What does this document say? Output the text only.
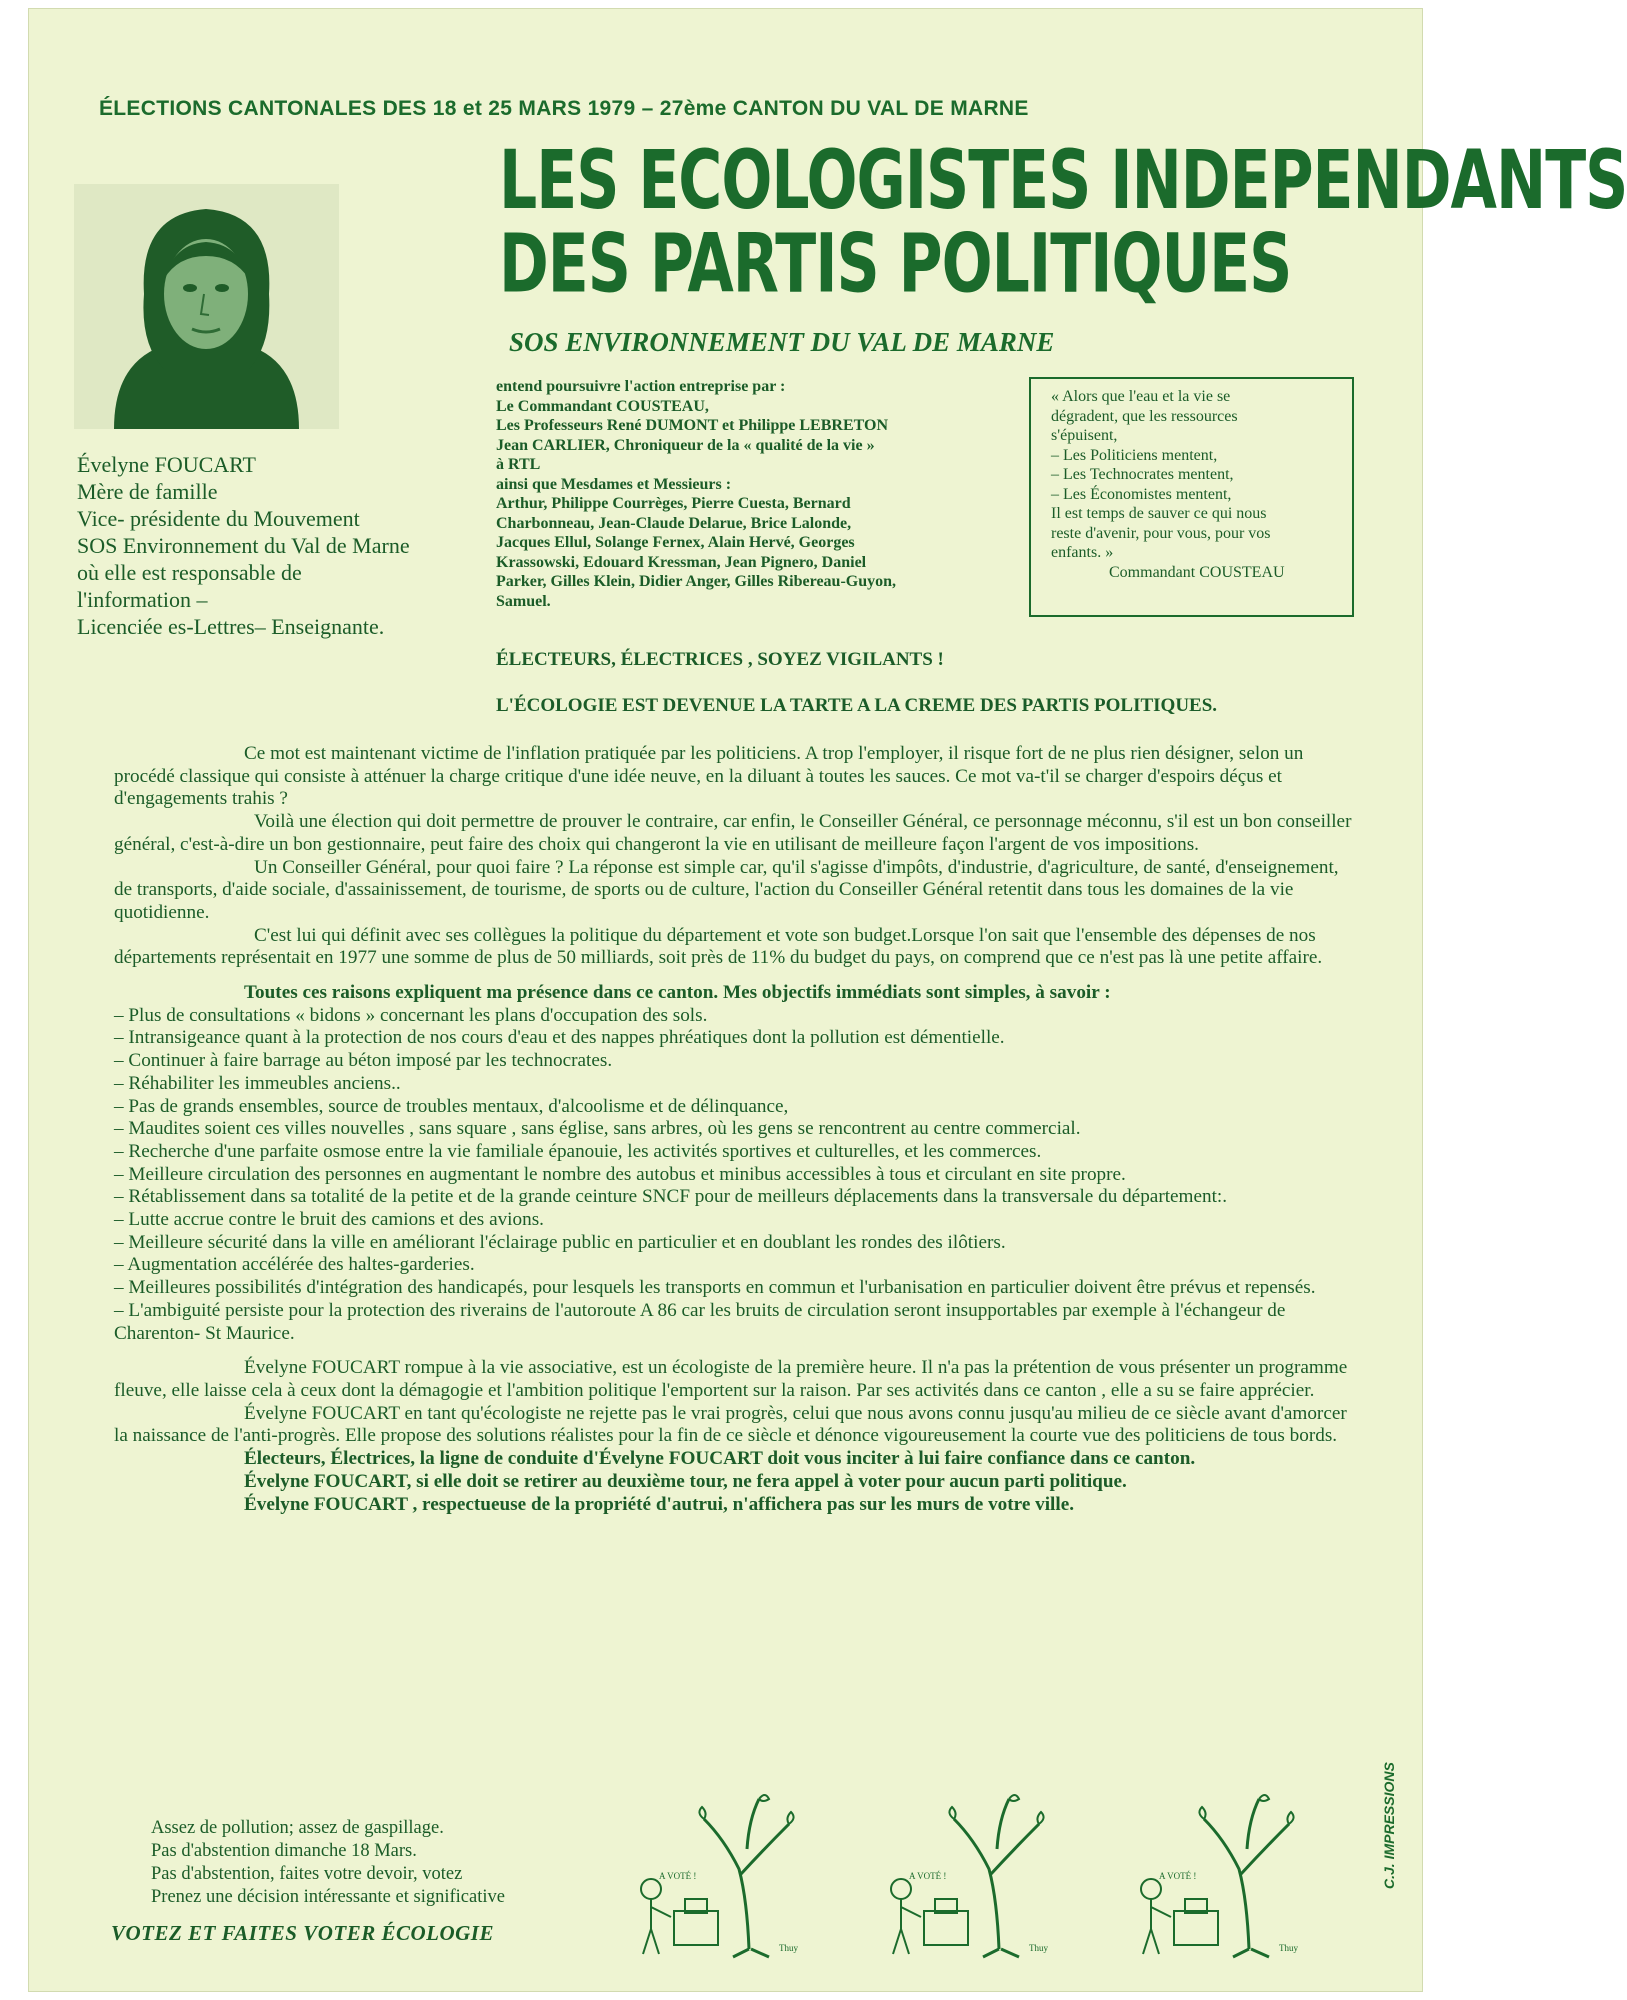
ÉLECTIONS CANTONALES DES 18 et 25 MARS 1979 – 27ème CANTON DU VAL DE MARNE
LES ECOLOGISTES INDEPENDANTS
DES PARTIS POLITIQUES
SOS ENVIRONNEMENT DU VAL DE MARNE
Évelyne FOUCART
Mère de famille
Vice- présidente du Mouvement
SOS Environnement du Val de Marne
où elle est responsable de
l'information –
Licenciée es-Lettres– Enseignante.
entend poursuivre l'action entreprise par :
Le Commandant COUSTEAU,
Les Professeurs René DUMONT et Philippe LEBRETON
Jean CARLIER, Chroniqueur de la « qualité de la vie »
à RTL
ainsi que Mesdames et Messieurs :
Arthur, Philippe Courrèges, Pierre Cuesta, Bernard
Charbonneau, Jean-Claude Delarue, Brice Lalonde,
Jacques Ellul, Solange Fernex, Alain Hervé, Georges
Krassowski, Edouard Kressman, Jean Pignero, Daniel
Parker, Gilles Klein, Didier Anger, Gilles Ribereau-Guyon,
Samuel.
« Alors que l'eau et la vie se
dégradent, que les ressources
s'épuisent,
– Les Politiciens mentent,
– Les Technocrates mentent,
– Les Économistes mentent,
Il est temps de sauver ce qui nous
reste d'avenir, pour vous, pour vos
enfants. »
Commandant COUSTEAU
ÉLECTEURS, ÉLECTRICES , SOYEZ VIGILANTS !
L'ÉCOLOGIE EST DEVENUE LA TARTE A LA CREME DES PARTIS POLITIQUES.

Ce mot est maintenant victime de l'inflation pratiquée par les politiciens. A trop l'employer, il risque fort de ne plus rien désigner, selon un procédé classique qui consiste à atténuer la charge critique d'une idée neuve, en la diluant à toutes les sauces. Ce mot va-t'il se charger d'espoirs déçus et d'engagements trahis ?

Voilà une élection qui doit permettre de prouver le contraire, car enfin, le Conseiller Général, ce personnage méconnu, s'il est un bon conseiller général, c'est-à-dire un bon gestionnaire, peut faire des choix qui changeront la vie en utilisant de meilleure façon l'argent de vos impositions.

Un Conseiller Général, pour quoi faire ? La réponse est simple car, qu'il s'agisse d'impôts, d'industrie, d'agriculture, de santé, d'enseignement, de transports, d'aide sociale, d'assainissement, de tourisme, de sports ou de culture, l'action du Conseiller Général retentit dans tous les domaines de la vie quotidienne.

C'est lui qui définit avec ses collègues la politique du département et vote son budget.Lorsque l'on sait que l'ensemble des dépenses de nos départements représentait en 1977 une somme de plus de 50 milliards, soit près de 11% du budget du pays, on comprend que ce n'est pas là une petite affaire.

Toutes ces raisons expliquent ma présence dans ce canton. Mes objectifs immédiats sont simples, à savoir :

– Plus de consultations « bidons » concernant les plans d'occupation des sols.
– Intransigeance quant à la protection de nos cours d'eau et des nappes phréatiques dont la pollution est démentielle.
– Continuer à faire barrage au béton imposé par les technocrates.
– Réhabiliter les immeubles anciens..
– Pas de grands ensembles, source de troubles mentaux, d'alcoolisme et de délinquance,
– Maudites soient ces villes nouvelles , sans square , sans église, sans arbres, où les gens se rencontrent au centre commercial.
– Recherche d'une parfaite osmose entre la vie familiale épanouie, les activités sportives et culturelles, et les commerces.
– Meilleure circulation des personnes en augmentant le nombre des autobus et minibus accessibles à tous et circulant en site propre.
– Rétablissement dans sa totalité de la petite et de la grande ceinture SNCF pour de meilleurs déplacements dans la transversale du département:.
– Lutte accrue contre le bruit des camions et des avions.
– Meilleure sécurité dans la ville en améliorant l'éclairage public en particulier et en doublant les rondes des ilôtiers.
– Augmentation accélérée des haltes-garderies.
– Meilleures possibilités d'intégration des handicapés, pour lesquels les transports en commun et l'urbanisation en particulier doivent être prévus et repensés.
– L'ambiguité persiste pour la protection des riverains de l'autoroute A 86 car les bruits de circulation seront insupportables par exemple à l'échangeur de Charenton- St Maurice.

Évelyne FOUCART rompue à la vie associative, est un écologiste de la première heure. Il n'a pas la prétention de vous présenter un programme fleuve, elle laisse cela à ceux dont la démagogie et l'ambition politique l'emportent sur la raison. Par ses activités dans ce canton , elle a su se faire apprécier.

Évelyne FOUCART en tant qu'écologiste ne rejette pas le vrai progrès, celui que nous avons connu jusqu'au milieu de ce siècle avant d'amorcer la naissance de l'anti-progrès. Elle propose des solutions réalistes pour la fin de ce siècle et dénonce vigoureusement la courte vue des politiciens de tous bords.

Électeurs, Électrices, la ligne de conduite d'Évelyne FOUCART doit vous inciter à lui faire confiance dans ce canton.

Évelyne FOUCART, si elle doit se retirer au deuxième tour, ne fera appel à voter pour aucun parti politique.

Évelyne FOUCART , respectueuse de la propriété d'autrui, n'affichera pas sur les murs de votre ville.

Assez de pollution; assez de gaspillage.
Pas d'abstention dimanche 18 Mars.
Pas d'abstention, faites votre devoir, votez
Prenez une décision intéressante et significative
VOTEZ ET FAITES VOTER ÉCOLOGIE
A VOTÉ !
Thuy
A VOTÉ !
Thuy
A VOTÉ !
Thuy
C.J. IMPRESSIONS
